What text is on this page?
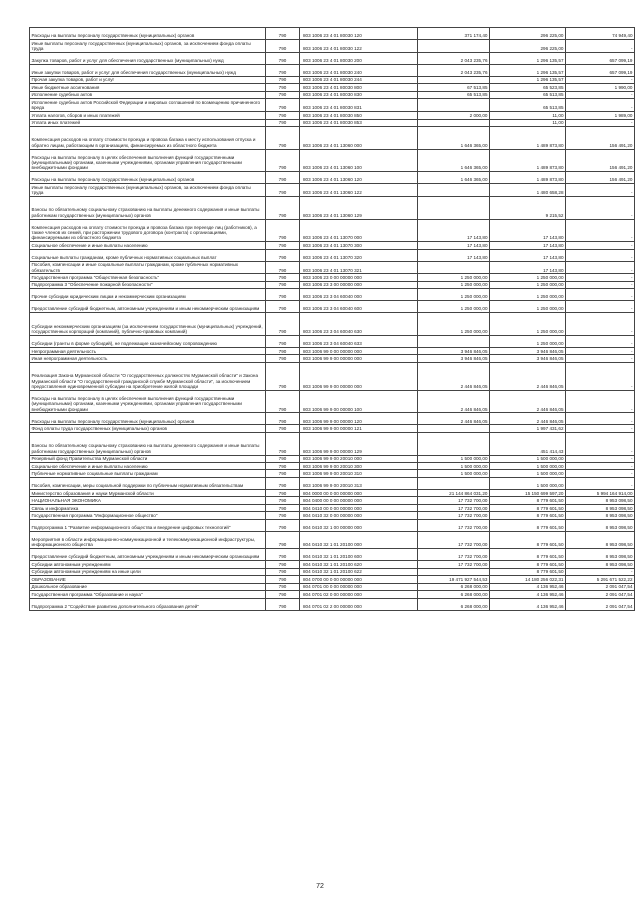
Расходы на выплаты персоналу государственных (муниципальных) органов	790	803 1006 23 4 01 80030 120	371 174,40	296 225,00	74 949,40
Иные выплаты персоналу государственных (муниципальных) органов, за исключением фонда оплаты труда	790	803 1006 23 4 01 80030 122		296 225,00	-
Закупка товаров, работ и услуг для обеспечения государственных (муниципальных) нужд	790	803 1006 23 4 01 80030 200	2 043 235,76	1 296 135,57	657 099,19
Иные закупки товаров, работ и услуг для обеспечения государственных (муниципальных) нужд	790	803 1006 23 4 01 80030 240	2 043 235,76	1 296 135,57	657 099,19
Прочая закупка товаров, работ и услуг	790	803 1006 23 4 01 80030 244		1 296 135,57	-
Иные бюджетные ассигнования	790	803 1006 23 4 01 80030 800	67 513,85	65 523,85	1 990,00
Исполнение судебных актов	790	803 1006 23 4 01 80030 830	65 513,85	65 513,85	-
Исполнение судебных актов Российской Федерации и мировых соглашений по возмещению причиненного вреда	790	803 1006 23 4 01 80030 831		65 513,85	-
Уплата налогов, сборов и иных платежей	790	803 1006 23 4 01 80030 850	2 000,00	11,00	1 989,00
Уплата иных платежей	790	803 1006 23 4 01 80030 853		11,00	-
Компенсация расходов на оплату стоимости проезда и провоза багажа к месту использования отпуска и обратно лицам, работающим в организациях, финансируемых из областного бюджета	790	803 1006 23 4 01 13060 000	1 646 365,00	1 489 873,80	156 491,20
Расходы на выплаты персоналу в целях обеспечения выполнения функций государственными (муниципальными) органами, казенными учреждениями, органами управления государственными внебюджетными фондами	790	803 1006 23 4 01 13060 100	1 646 365,00	1 489 873,80	156 491,20
Расходы на выплаты персоналу государственных (муниципальных) органов	790	803 1006 23 4 01 13060 120	1 646 365,00	1 489 873,80	156 491,20
Иные выплаты персоналу государственных (муниципальных) органов, за исключением фонда оплаты труда	790	803 1006 23 4 01 13060 122		1 480 658,28	-
Взносы по обязательному социальному страхованию на выплаты денежного содержания и иные выплаты работникам государственных (муниципальных) органов	790	803 1006 23 4 01 13060 129		9 215,52	-
Компенсация расходов на оплату стоимости проезда и провоза багажа при переезде лиц (работников), а также членов их семей, при расторжении трудового договора (контракта) с организациями, финансируемыми из областного бюджета	790	803 1006 23 4 01 13070 000	17 143,80	17 143,80	-
Социальное обеспечение и иные выплаты населению	790	803 1006 23 4 01 13070 300	17 143,80	17 143,80	-
Социальные выплаты гражданам, кроме публичных нормативных социальных выплат	790	803 1006 23 4 01 13070 320	17 143,80	17 143,80	-
Пособия, компенсации и иные социальные выплаты гражданам, кроме публичных нормативных обязательств	790	803 1006 23 4 01 13070 321		17 143,80	-
Государственная программа "Общественная безопасность"	790	803 1006 23 0 00 00000 000	1 250 000,00	1 250 000,00	-
Подпрограмма 3 "Обеспечение пожарной безопасности"	790	803 1006 23 3 00 00000 000	1 250 000,00	1 250 000,00	-
Прочие субсидии юридическим лицам и некоммерческим организациям	790	803 1006 23 3 04 60040 000	1 250 000,00	1 250 000,00	-
Предоставление субсидий бюджетным, автономным учреждениям и иным некоммерческим организациям	790	803 1006 23 3 04 60040 600	1 250 000,00	1 250 000,00	-
Субсидии некоммерческим организациям (за исключением государственных (муниципальных) учреждений, государственных корпораций (компаний), публично-правовых компаний)	790	803 1006 23 3 04 60040 630	1 250 000,00	1 250 000,00	-
Субсидии (гранты в форме субсидий), не подлежащие казначейскому сопровождению	790	803 1006 23 3 04 60040 633		1 250 000,00	-
Непрограммная деятельность	790	803 1006 99 0 00 00000 000	3 946 846,05	3 946 846,05	-
Иная непрограммная деятельность	790	803 1006 99 9 00 00000 000	3 946 846,05	3 946 846,05	-
Реализация Закона Мурманской области "О государственных должностях Мурманской области" и Закона Мурманской области "О государственной гражданской службе Мурманской области", за исключением предоставления единовременной субсидии на приобретение жилой площади	790	803 1006 99 9 00 00000 000	2 446 846,05	2 446 846,05	-
Расходы на выплаты персоналу в целях обеспечения выполнения функций государственными (муниципальными) органами, казенными учреждениями, органами управления государственными внебюджетными фондами	790	803 1006 99 9 00 00000 100	2 446 846,05	2 446 846,05	-
Расходы на выплаты персоналу государственных (муниципальных) органов	790	803 1006 99 9 00 00000 120	2 446 846,05	2 446 846,05	-
Фонд оплаты труда государственных (муниципальных) органов	790	803 1006 99 9 00 00000 121		1 997 431,62	-
Взносы по обязательному социальному страхованию на выплаты денежного содержания и иные выплаты работникам государственных (муниципальных) органов	790	803 1006 99 9 00 00000 129		451 414,43	-
Резервный фонд Правительства Мурманской области	790	803 1006 99 9 00 20010 000	1 500 000,00	1 500 000,00	-
Социальное обеспечение и иные выплаты населению	790	803 1006 99 9 00 20010 300	1 500 000,00	1 500 000,00	-
Публичные нормативные социальные выплаты гражданам	790	803 1006 99 9 00 20010 310	1 500 000,00	1 500 000,00	-
Пособия, компенсации, меры социальной поддержки по публичным нормативным обязательствам	790	803 1006 99 9 00 20010 313		1 500 000,00	-
Министерство образования и науки Мурманской области	790	804 0000 00 0 00 00000 000	21 144 864 031,20	15 150 699 597,20	5 994 164 914,00
НАЦИОНАЛЬНАЯ ЭКОНОМИКА	790	804 0400 00 0 00 00000 000	17 732 700,00	8 779 601,50	8 953 098,50
Связь и информатика	790	804 0410 00 0 00 00000 000	17 732 700,00	8 779 601,50	8 953 098,50
Государственная программа "Информационное общество"	790	804 0410 32 0 00 00000 000	17 732 700,00	8 779 601,50	8 953 098,50
Подпрограмма 1 "Развитие информационного общества и внедрение цифровых технологий"	790	804 0410 32 1 00 00000 000	17 732 700,00	8 779 601,50	8 953 098,50
Мероприятия в области информационно-коммуникационной и телекоммуникационной инфраструктуры, информационного общества	790	804 0410 32 1 01 20100 000	17 732 700,00	8 779 601,50	8 953 098,50
Предоставление субсидий бюджетным, автономным учреждениям и иным некоммерческим организациям	790	804 0410 32 1 01 20100 600	17 732 700,00	8 779 601,50	8 953 098,50
Субсидии автономным учреждениям	790	804 0410 32 1 01 20100 620	17 732 700,00	8 779 601,50	8 953 098,50
Субсидии автономным учреждениям на иные цели	790	804 0410 32 1 01 20100 622		8 779 601,50	-
ОБРАЗОВАНИЕ	790	804 0700 00 0 00 00000 000	19 471 927 544,53	14 180 256 022,31	5 291 671 522,22
Дошкольное образование	790	804 0701 00 0 00 00000 000	6 268 000,00	4 136 952,46	2 091 047,54
Государственная программа "Образование и наука"	790	804 0701 02 0 00 00000 000	6 268 000,00	4 136 952,46	2 091 047,54
Подпрограмма 2 "Содействие развитию дополнительного образования детей"	790	804 0701 02 2 00 00000 000	6 268 000,00	4 136 952,46	2 091 047,54
72
